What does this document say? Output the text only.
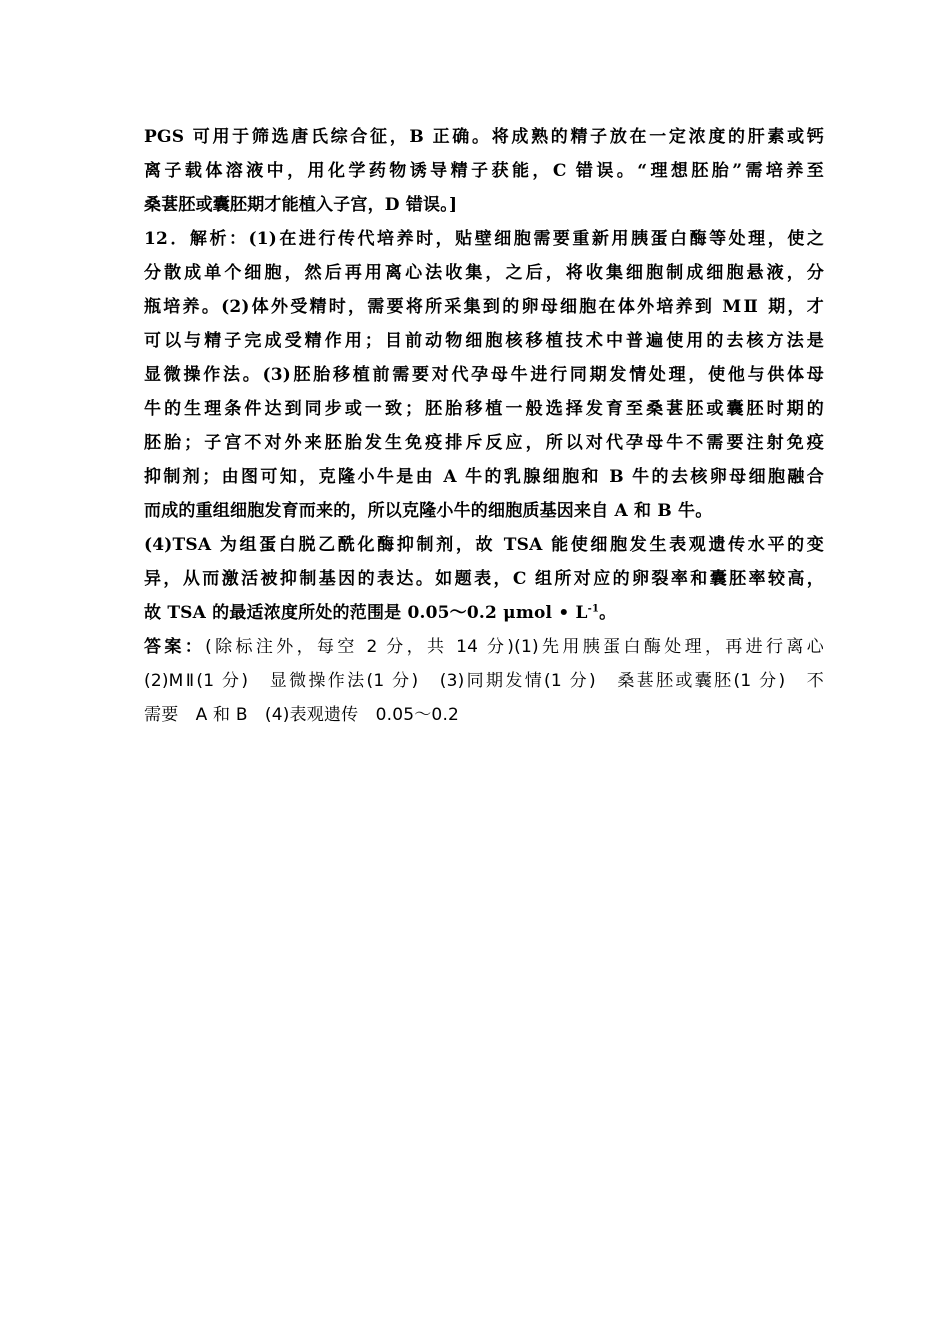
PGS 可用于筛选唐氏综合征，B 正确。将成熟的精子放在一定浓度的肝素或钙
离子载体溶液中，用化学药物诱导精子获能，C 错误。“理想胚胎”需培养至
桑葚胚或囊胚期才能植入子宫，D 错误。]
12．解析：(1)在进行传代培养时，贴壁细胞需要重新用胰蛋白酶等处理，使之
分散成单个细胞，然后再用离心法收集，之后，将收集细胞制成细胞悬液，分
瓶培养。(2)体外受精时，需要将所采集到的卵母细胞在体外培养到 MⅡ 期，才
可以与精子完成受精作用；目前动物细胞核移植技术中普遍使用的去核方法是
显微操作法。(3)胚胎移植前需要对代孕母牛进行同期发情处理，使他与供体母
牛的生理条件达到同步或一致；胚胎移植一般选择发育至桑葚胚或囊胚时期的
胚胎；子宫不对外来胚胎发生免疫排斥反应，所以对代孕母牛不需要注射免疫
抑制剂；由图可知，克隆小牛是由 A 牛的乳腺细胞和 B 牛的去核卵母细胞融合
而成的重组细胞发育而来的，所以克隆小牛的细胞质基因来自 A 和 B 牛。
(4)TSA 为组蛋白脱乙酰化酶抑制剂，故 TSA 能使细胞发生表观遗传水平的变
异，从而激活被抑制基因的表达。如题表，C 组所对应的卵裂率和囊胚率较高，
故 TSA 的最适浓度所处的范围是 0.05～0.2 μmol • $L^{-1}$。
答案：(除标注外，每空 2 分，共 14 分)(1)先用胰蛋白酶处理，再进行离心
(2)MⅡ(1 分)　显微操作法(1 分)　(3)同期发情(1 分)　桑葚胚或囊胚(1 分)　不
需要　A 和 B　(4)表观遗传　0.05～0.2
